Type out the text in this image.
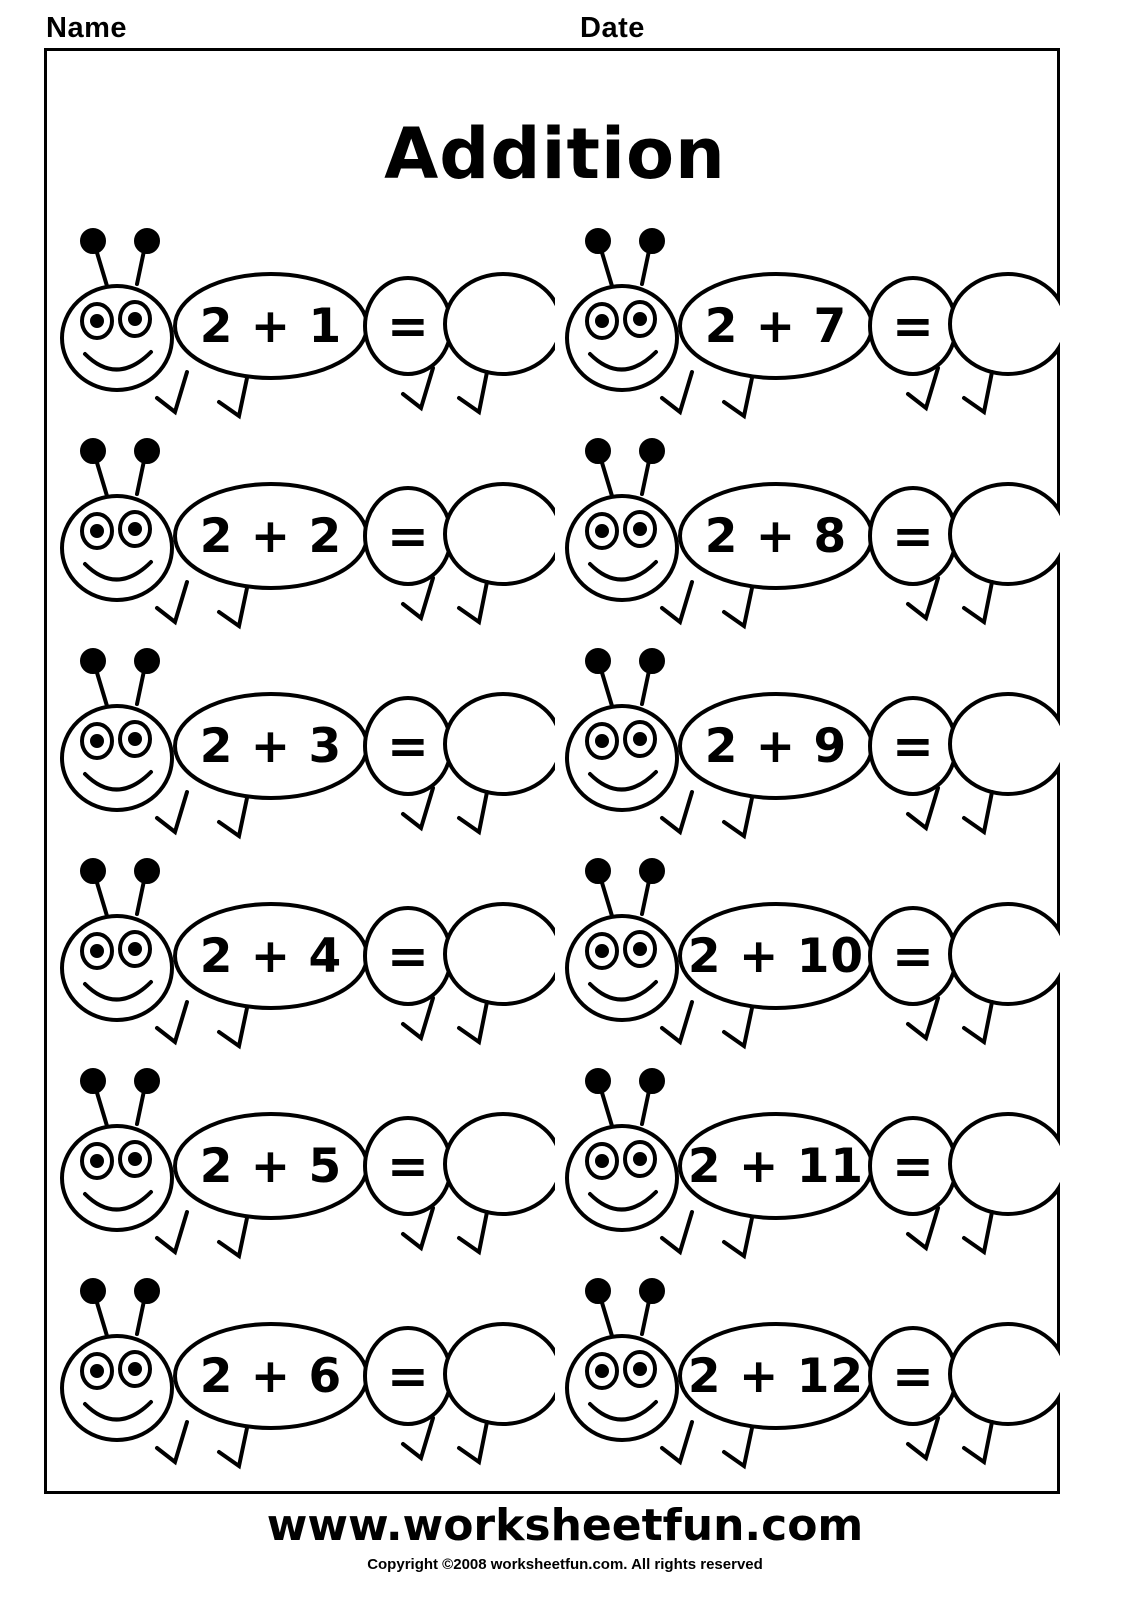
Name	Date
Addition
2 + 1 =	2 + 7 =
2 + 2 =	2 + 8 =
2 + 3 =	2 + 9 =
2 + 4 =	2 + 10 =
2 + 5 =	2 + 11 =
2 + 6 =	2 + 12 =
www.worksheetfun.com
Copyright ©2008 worksheetfun.com. All rights reserved
